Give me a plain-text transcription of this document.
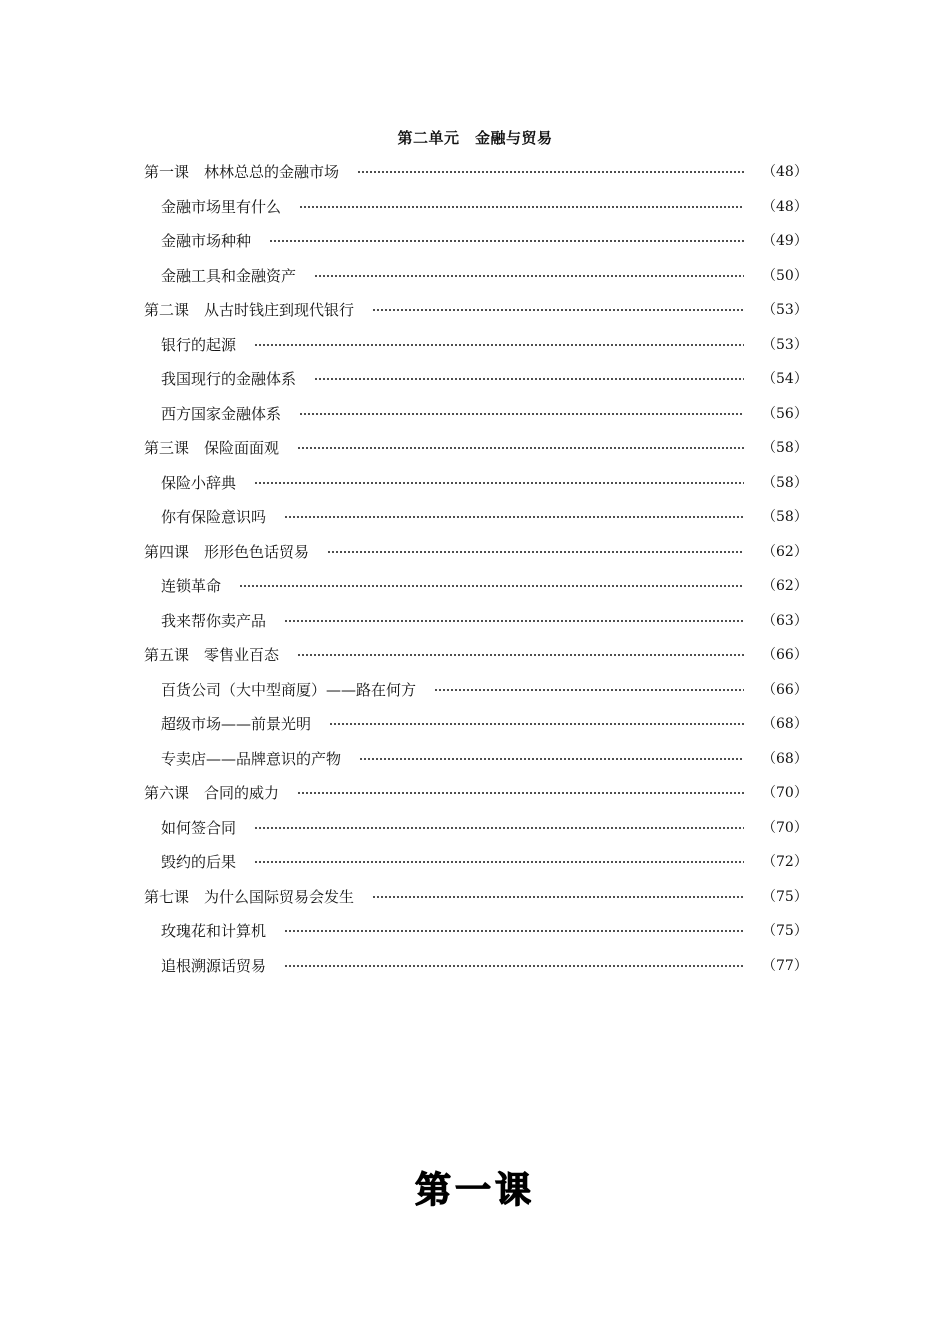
第二单元　金融与贸易
第一课　林林总总的金融市场	（48）
金融市场里有什么	（48）
金融市场种种	（49）
金融工具和金融资产	（50）
第二课　从古时钱庄到现代银行	（53）
银行的起源	（53）
我国现行的金融体系	（54）
西方国家金融体系	（56）
第三课　保险面面观	（58）
保险小辞典	（58）
你有保险意识吗	（58）
第四课　形形色色话贸易	（62）
连锁革命	（62）
我来帮你卖产品	（63）
第五课　零售业百态	（66）
百货公司（大中型商厦）——路在何方	（66）
超级市场——前景光明	（68）
专卖店——品牌意识的产物	（68）
第六课　合同的威力	（70）
如何签合同	（70）
毁约的后果	（72）
第七课　为什么国际贸易会发生	（75）
玫瑰花和计算机	（75）
追根溯源话贸易	（77）
第一课
